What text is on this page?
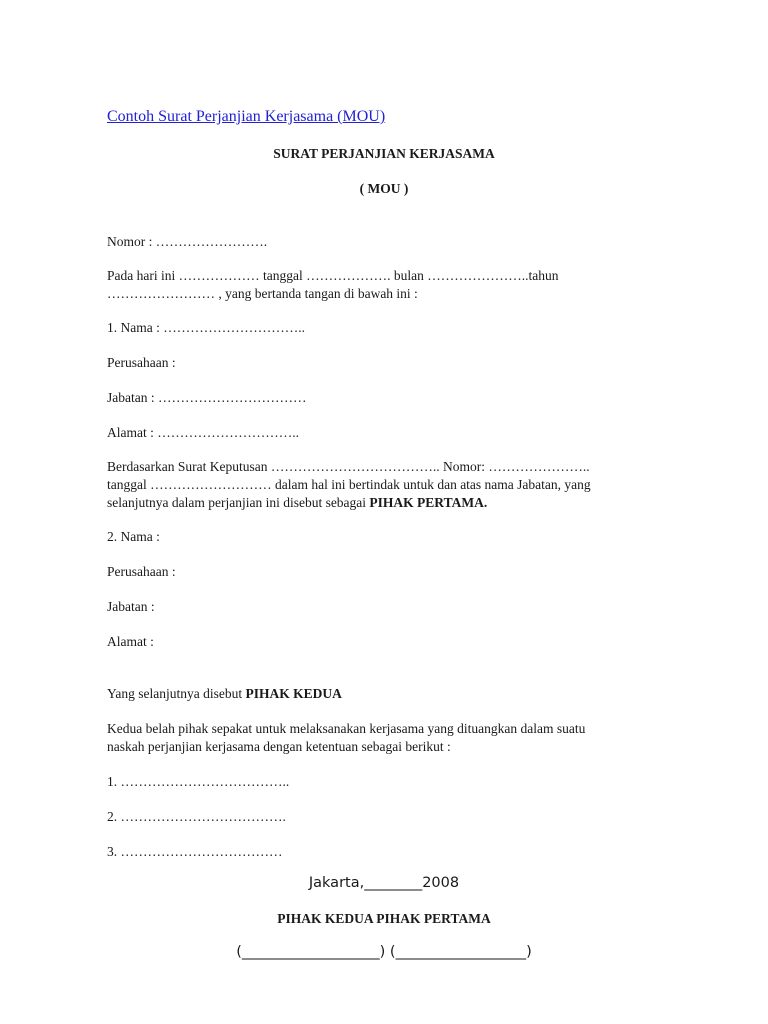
Contoh Surat Perjanjian Kerjasama (MOU)
SURAT PERJANJIAN KERJASAMA
( MOU )
Nomor : …………………….
Pada hari ini ……………… tanggal ………………. bulan …………………..tahun
…………………… , yang bertanda tangan di bawah ini :
1. Nama : …………………………..
Perusahaan :
Jabatan : ……………………………
Alamat : …………………………..
Berdasarkan Surat Keputusan ……………………………….. Nomor: …………………..
tanggal ……………………… dalam hal ini bertindak untuk dan atas nama Jabatan, yang
selanjutnya dalam perjanjian ini disebut sebagai PIHAK PERTAMA.
2. Nama :
Perusahaan :
Jabatan :
Alamat :
Yang selanjutnya disebut PIHAK KEDUA
Kedua belah pihak sepakat untuk melaksanakan kerjasama yang dituangkan dalam suatu
naskah perjanjian kerjasama dengan ketentuan sebagai berikut :
1. ………………………………..
2. ……………………………….
3. ………………………………
Jakarta,________2008
PIHAK KEDUA PIHAK PERTAMA
(___________________) (__________________)
